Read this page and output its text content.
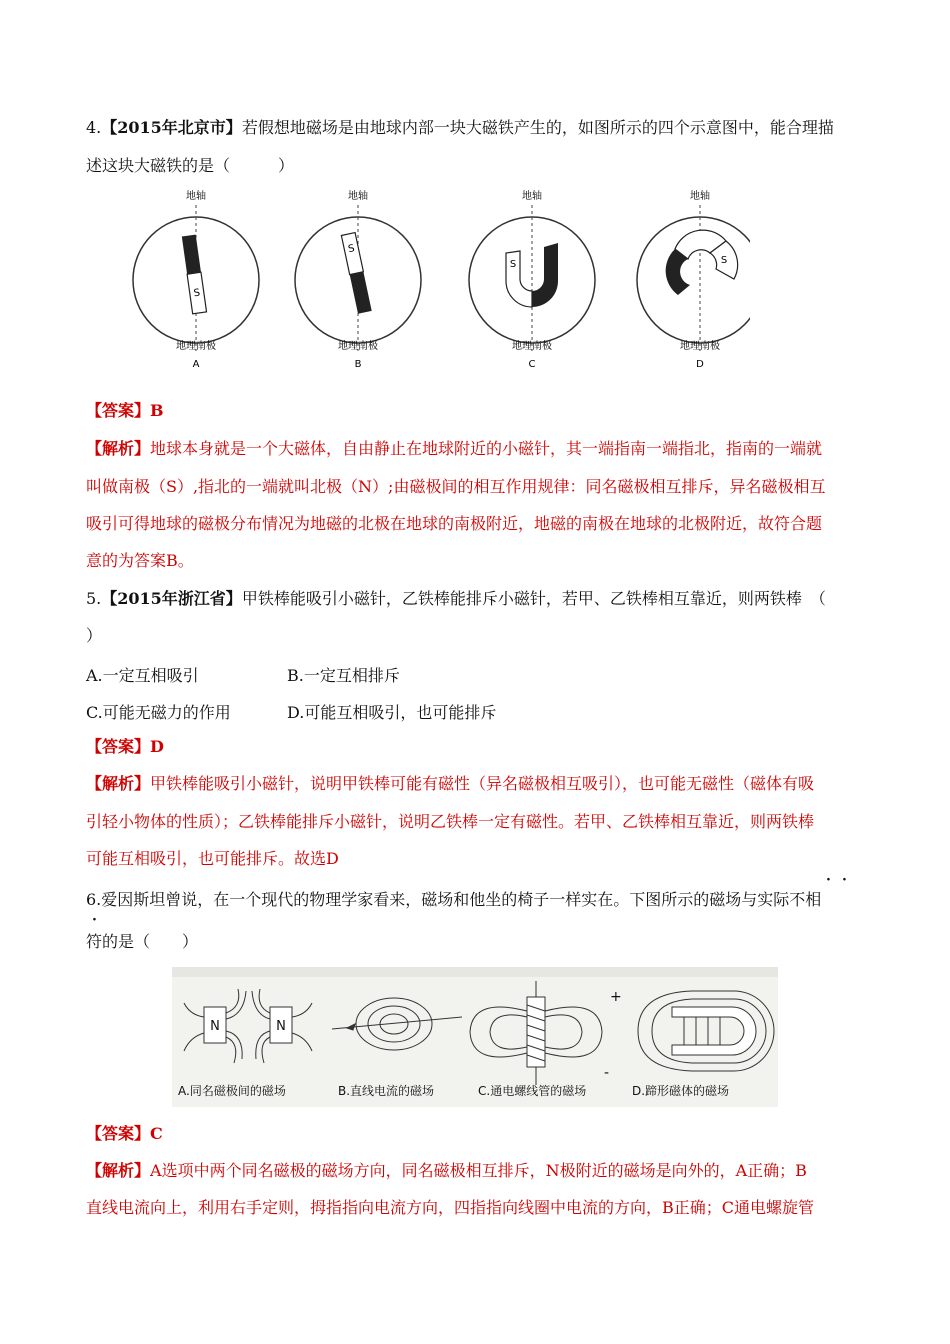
4.【2015年北京市】若假想地磁场是由地球内部一块大磁铁产生的，如图所示的四个示意图中，能合理描
述这块大磁铁的是（　　　）
地轴
S
地理南极
A
地轴
S
地理南极
B
地轴
S
地理南极
C
地轴
S
地理南极
D
【答案】B
【解析】地球本身就是一个大磁体，自由静止在地球附近的小磁针，其一端指南一端指北，指南的一端就
叫做南极（S）,指北的一端就叫北极（N）;由磁极间的相互作用规律：同名磁极相互排斥，异名磁极相互
吸引可得地球的磁极分布情况为地磁的北极在地球的南极附近，地磁的南极在地球的北极附近，故符合题
意的为答案B。
5.【2015年浙江省】甲铁棒能吸引小磁针，乙铁棒能排斥小磁针，若甲、乙铁棒相互靠近，则两铁棒　（
）
A.一定互相吸引	B.一定互相排斥
C.可能无磁力的作用	D.可能互相吸引，也可能排斥
【答案】D
【解析】甲铁棒能吸引小磁针，说明甲铁棒可能有磁性（异名磁极相互吸引），也可能无磁性（磁体有吸
引轻小物体的性质）；乙铁棒能排斥小磁针，说明乙铁棒一定有磁性。若甲、乙铁棒相互靠近，则两铁棒
可能互相吸引，也可能排斥。故选D
· ·
·
6.爱因斯坦曾说，在一个现代的物理学家看来，磁场和他坐的椅子一样实在。下图所示的磁场与实际不相
符的是（　　）
N	N
+
-
A.同名磁极间的磁场	B.直线电流的磁场	C.通电螺线管的磁场	D.蹄形磁体的磁场
【答案】C
【解析】A选项中两个同名磁极的磁场方向，同名磁极相互排斥，N极附近的磁场是向外的，A正确；B
直线电流向上，利用右手定则，拇指指向电流方向，四指指向线圈中电流的方向，B正确；C通电螺旋管
